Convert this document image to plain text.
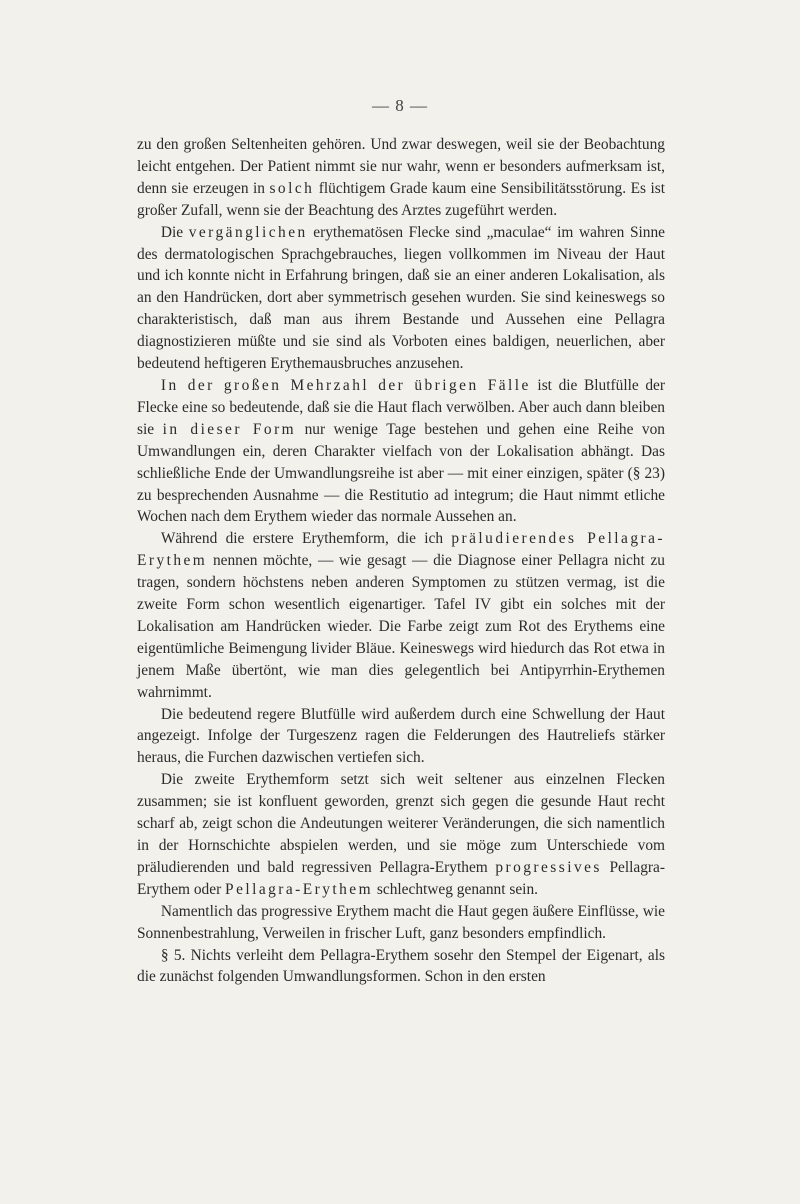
— 8 —

zu den großen Seltenheiten gehören. Und zwar deswegen, weil sie der Beobachtung leicht entgehen. Der Patient nimmt sie nur wahr, wenn er besonders aufmerksam ist, denn sie erzeugen in solch flüchtigem Grade kaum eine Sensibilitätsstörung. Es ist großer Zufall, wenn sie der Beachtung des Arztes zugeführt werden.

Die vergänglichen erythematösen Flecke sind „maculae“ im wahren Sinne des dermatologischen Sprachgebrauches, liegen vollkommen im Niveau der Haut und ich konnte nicht in Erfahrung bringen, daß sie an einer anderen Lokalisation, als an den Handrücken, dort aber symmetrisch gesehen wurden. Sie sind keineswegs so charakteristisch, daß man aus ihrem Bestande und Aussehen eine Pellagra diagnostizieren müßte und sie sind als Vorboten eines baldigen, neuerlichen, aber bedeutend heftigeren Erythemausbruches anzusehen.

In der großen Mehrzahl der übrigen Fälle ist die Blutfülle der Flecke eine so bedeutende, daß sie die Haut flach verwölben. Aber auch dann bleiben sie in dieser Form nur wenige Tage bestehen und gehen eine Reihe von Umwandlungen ein, deren Charakter vielfach von der Lokalisation abhängt. Das schließliche Ende der Umwandlungsreihe ist aber — mit einer einzigen, später (§ 23) zu besprechenden Ausnahme — die Restitutio ad integrum; die Haut nimmt etliche Wochen nach dem Erythem wieder das normale Aussehen an.

Während die erstere Erythemform, die ich präludierendes Pellagra-Erythem nennen möchte, — wie gesagt — die Diagnose einer Pellagra nicht zu tragen, sondern höchstens neben anderen Symptomen zu stützen vermag, ist die zweite Form schon wesentlich eigenartiger. Tafel IV gibt ein solches mit der Lokalisation am Handrücken wieder. Die Farbe zeigt zum Rot des Erythems eine eigentümliche Beimengung livider Bläue. Keineswegs wird hiedurch das Rot etwa in jenem Maße übertönt, wie man dies gelegentlich bei Antipyrrhin-Erythemen wahrnimmt.

Die bedeutend regere Blutfülle wird außerdem durch eine Schwellung der Haut angezeigt. Infolge der Turgeszenz ragen die Felderungen des Hautreliefs stärker heraus, die Furchen dazwischen vertiefen sich.

Die zweite Erythemform setzt sich weit seltener aus einzelnen Flecken zusammen; sie ist konfluent geworden, grenzt sich gegen die gesunde Haut recht scharf ab, zeigt schon die Andeutungen weiterer Veränderungen, die sich namentlich in der Hornschichte abspielen werden, und sie möge zum Unterschiede vom präludierenden und bald regressiven Pellagra-Erythem progressives Pellagra-Erythem oder Pellagra-Erythem schlechtweg genannt sein.

Namentlich das progressive Erythem macht die Haut gegen äußere Einflüsse, wie Sonnenbestrahlung, Verweilen in frischer Luft, ganz besonders empfindlich.

§ 5. Nichts verleiht dem Pellagra-Erythem sosehr den Stempel der Eigenart, als die zunächst folgenden Umwandlungsformen. Schon in den ersten
